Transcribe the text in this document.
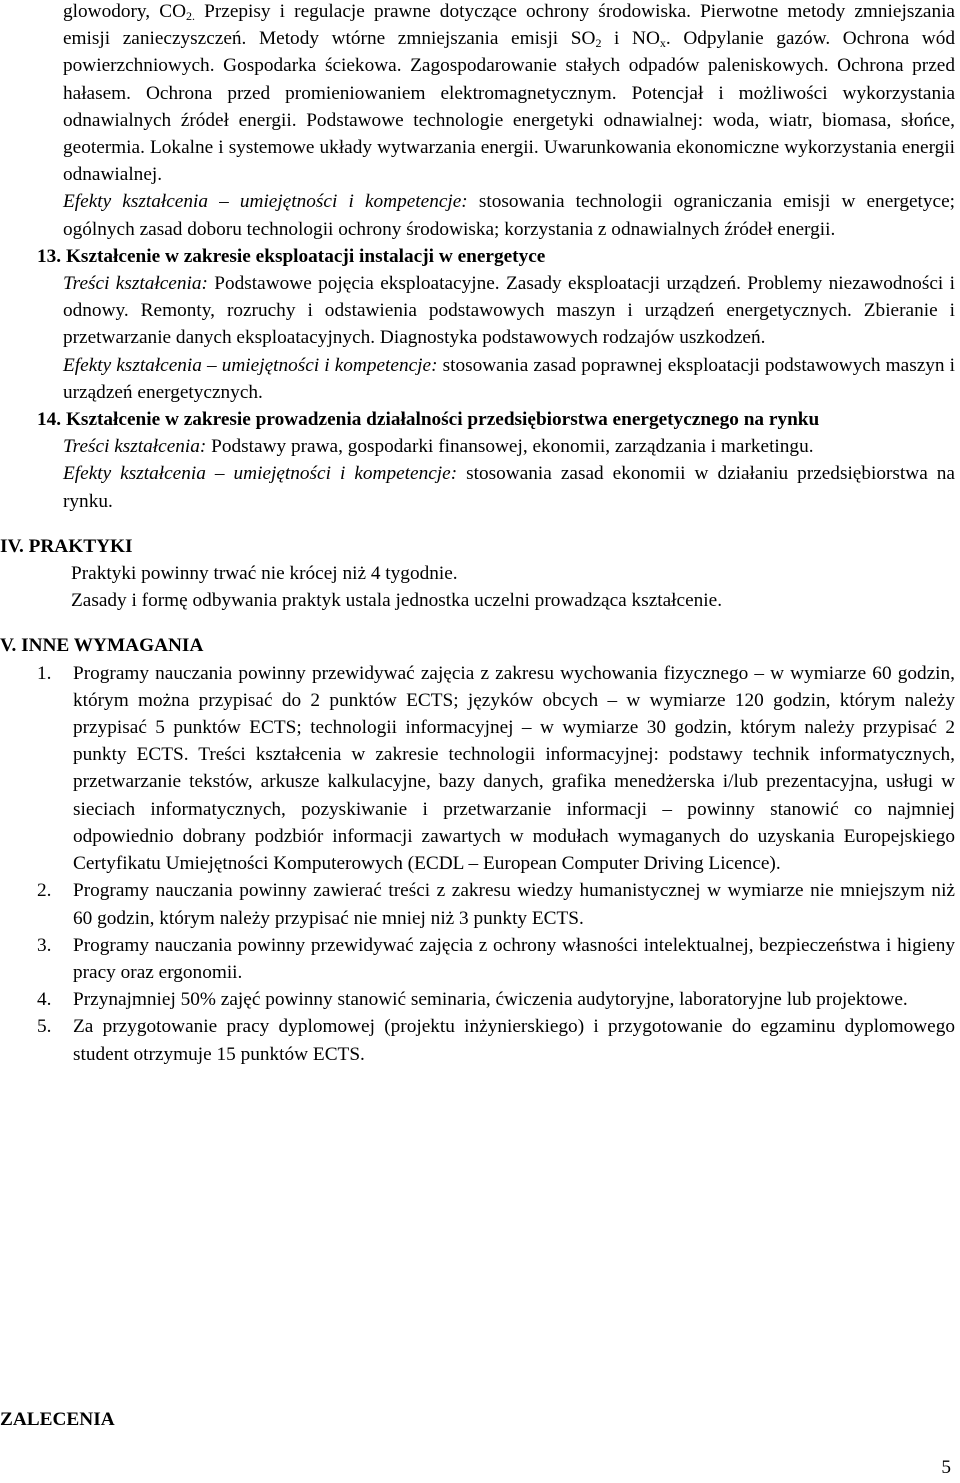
glowodory, $CO_{2.}$ Przepisy i regulacje prawne dotyczące ochrony środowiska. Pierwotne metody zmniejszania emisji zanieczyszczeń. Metody wtórne zmniejszania emisji $SO_2$ i $NO_x$. Odpylanie gazów. Ochrona wód powierzchniowych. Gospodarka ściekowa. Zagospodarowanie stałych odpadów paleniskowych. Ochrona przed hałasem. Ochrona przed promieniowaniem elektromagnetycznym. Potencjał i możliwości wykorzystania odnawialnych źródeł energii. Podstawowe technologie energetyki odnawialnej: woda, wiatr, biomasa, słońce, geotermia. Lokalne i systemowe układy wytwarzania energii. Uwarunkowania ekonomiczne wykorzystania energii odnawialnej.

Efekty kształcenia – umiejętności i kompetencje: stosowania technologii ograniczania emisji w energetyce; ogólnych zasad doboru technologii ochrony środowiska; korzystania z odnawialnych źródeł energii.

13. Kształcenie w zakresie eksploatacji instalacji w energetyce

Treści kształcenia: Podstawowe pojęcia eksploatacyjne. Zasady eksploatacji urządzeń. Problemy niezawodności i odnowy. Remonty, rozruchy i odstawienia podstawowych maszyn i urządzeń energetycznych. Zbieranie i przetwarzanie danych eksploatacyjnych. Diagnostyka podstawowych rodzajów uszkodzeń.

Efekty kształcenia – umiejętności i kompetencje: stosowania zasad poprawnej eksploatacji podstawowych maszyn i urządzeń energetycznych.

14. Kształcenie w zakresie prowadzenia działalności przedsiębiorstwa energetycznego na rynku

Treści kształcenia: Podstawy prawa, gospodarki finansowej, ekonomii, zarządzania i marketingu.

Efekty kształcenia – umiejętności i kompetencje: stosowania zasad ekonomii w działaniu przedsiębiorstwa na rynku.

IV. PRAKTYKI

Praktyki powinny trwać nie krócej niż 4 tygodnie.

Zasady i formę odbywania praktyk ustala jednostka uczelni prowadząca kształcenie.

V. INNE WYMAGANIA

1. Programy nauczania powinny przewidywać zajęcia z zakresu wychowania fizycznego – w wymiarze 60 godzin, którym można przypisać do 2 punktów ECTS; języków obcych – w wymiarze 120 godzin, którym należy przypisać 5 punktów ECTS; technologii informacyjnej – w wymiarze 30 godzin, którym należy przypisać 2 punkty ECTS. Treści kształcenia w zakresie technologii informacyjnej: podstawy technik informatycznych, przetwarzanie tekstów, arkusze kalkulacyjne, bazy danych, grafika menedżerska i/lub prezentacyjna, usługi w sieciach informatycznych, pozyskiwanie i przetwarzanie informacji – powinny stanowić co najmniej odpowiednio dobrany podzbiór informacji zawartych w modułach wymaganych do uzyskania Europejskiego Certyfikatu Umiejętności Komputerowych (ECDL – European Computer Driving Licence).
2. Programy nauczania powinny zawierać treści z zakresu wiedzy humanistycznej w wymiarze nie mniejszym niż 60 godzin, którym należy przypisać nie mniej niż 3 punkty ECTS.
3. Programy nauczania powinny przewidywać zajęcia z ochrony własności intelektualnej, bezpieczeństwa i higieny pracy oraz ergonomii.
4. Przynajmniej 50% zajęć powinny stanowić seminaria, ćwiczenia audytoryjne, laboratoryjne lub projektowe.
5. Za przygotowanie pracy dyplomowej (projektu inżynierskiego) i przygotowanie do egzaminu dyplomowego student otrzymuje 15 punktów ECTS.
ZALECENIA
5
